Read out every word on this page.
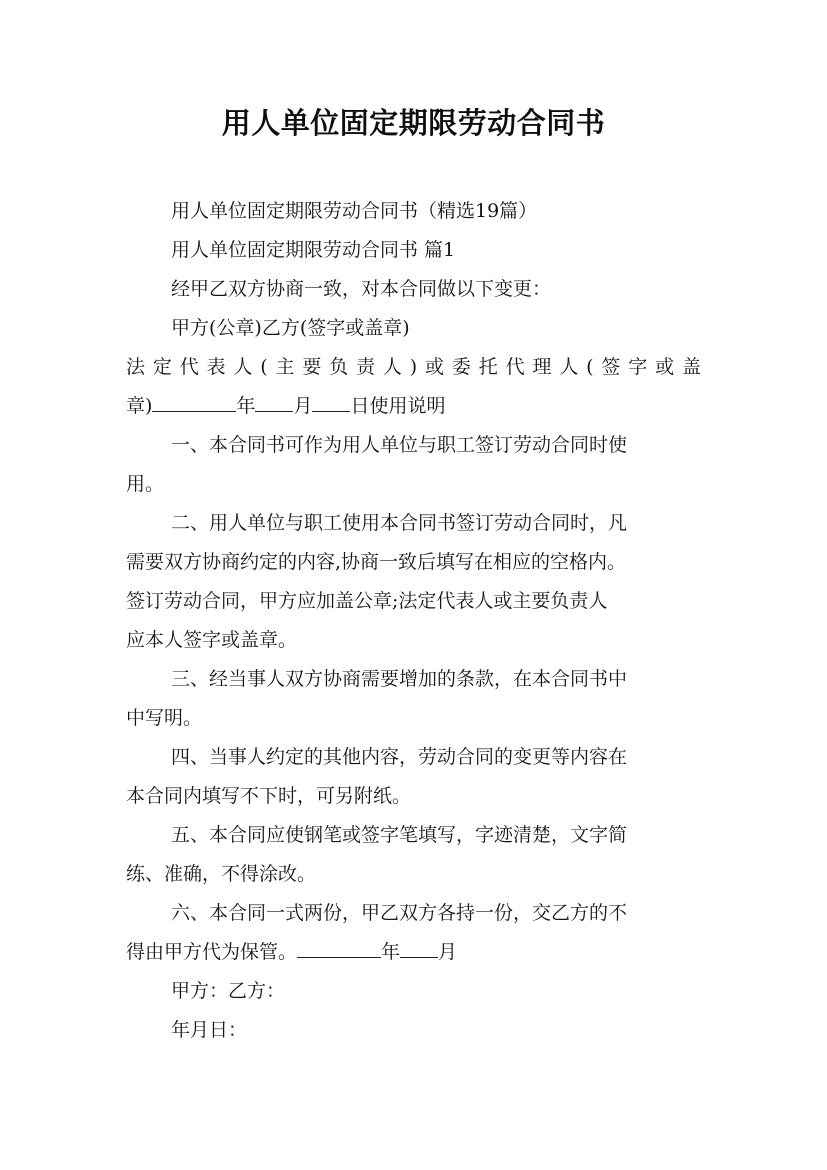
用人单位固定期限劳动合同书
用人单位固定期限劳动合同书（精选19篇）
用人单位固定期限劳动合同书 篇1
经甲乙双方协商一致，对本合同做以下变更：
甲方(公章)乙方(签字或盖章)
法定代表人(主要负责人)或委托代理人(签字或盖
章)	年 月 日使用说明
一、本合同书可作为用人单位与职工签订劳动合同时使
用。
二、用人单位与职工使用本合同书签订劳动合同时，凡
需要双方协商约定的内容,协商一致后填写在相应的空格内。
签订劳动合同，甲方应加盖公章;法定代表人或主要负责人
应本人签字或盖章。
三、经当事人双方协商需要增加的条款，在本合同书中
中写明。
四、当事人约定的其他内容，劳动合同的变更等内容在
本合同内填写不下时，可另附纸。
五、本合同应使钢笔或签字笔填写，字迹清楚，文字简
练、准确，不得涂改。
六、本合同一式两份，甲乙双方各持一份，交乙方的不
得由甲方代为保管。	年 月
甲方：乙方：
年月日：
